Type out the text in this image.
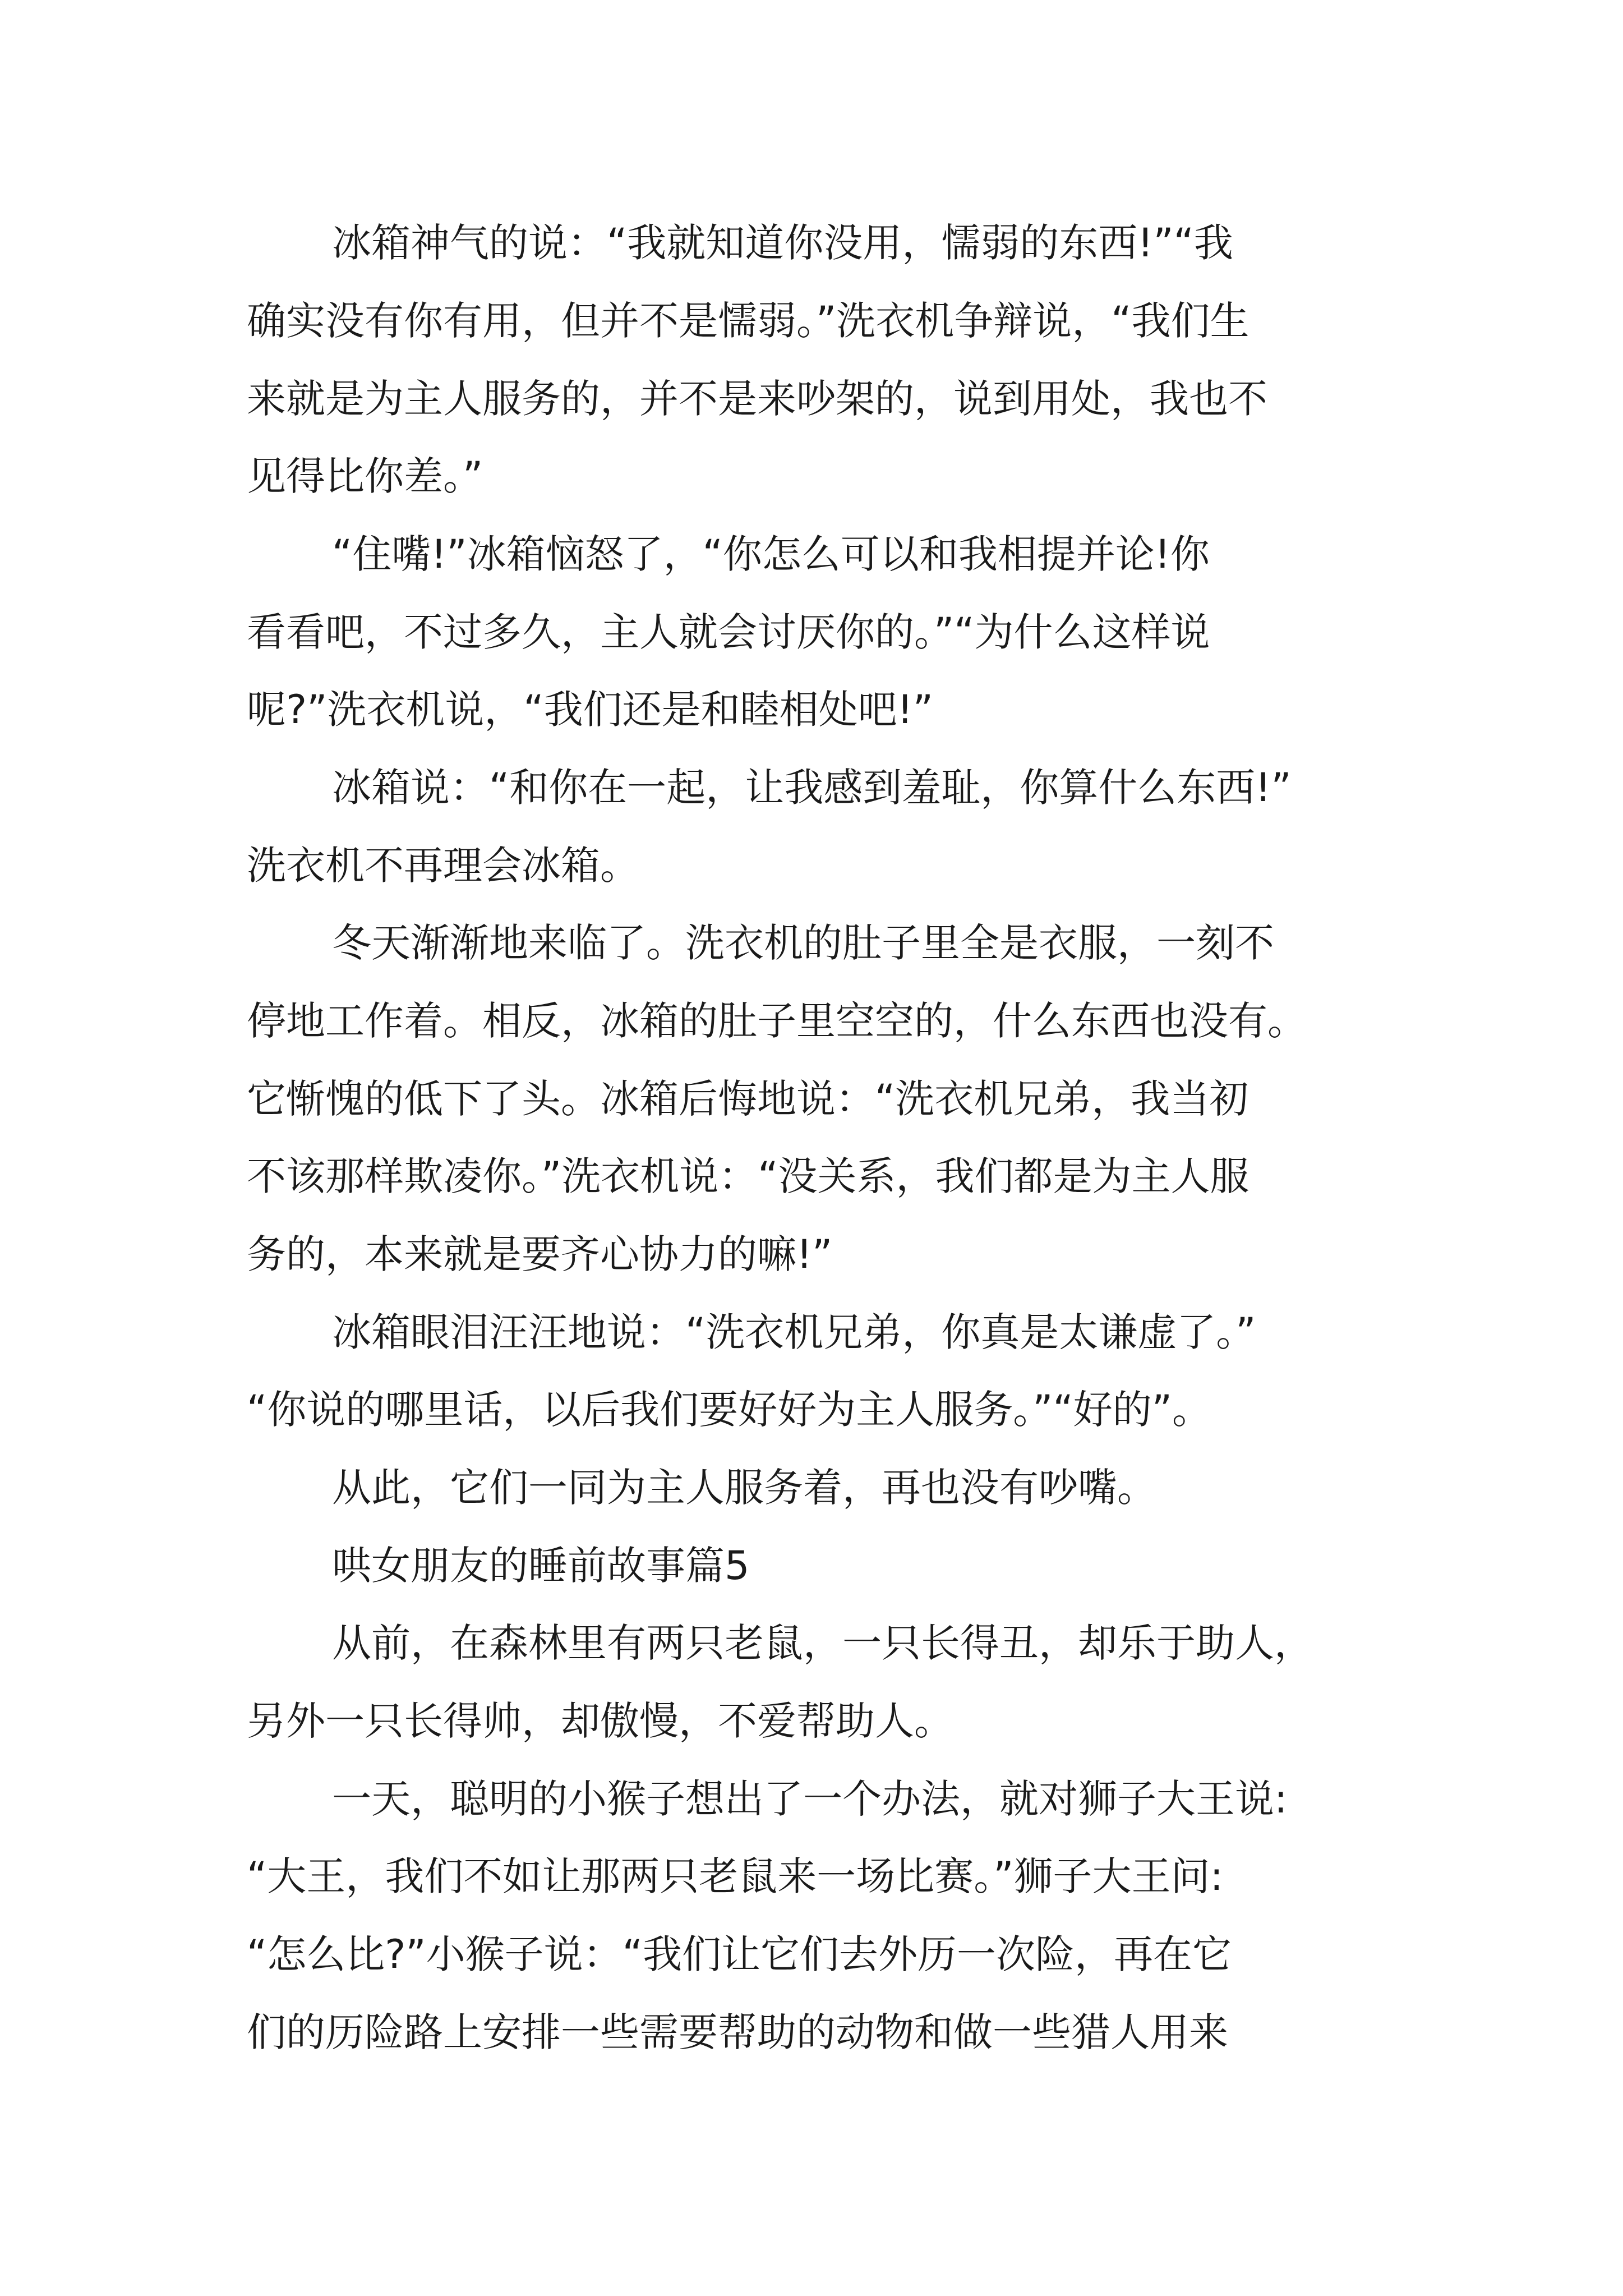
冰箱神气的说：“我就知道你没用，懦弱的东西!”“我
确实没有你有用，但并不是懦弱。”洗衣机争辩说，“我们生
来就是为主人服务的，并不是来吵架的，说到用处，我也不
见得比你差。”
“住嘴!”冰箱恼怒了，“你怎么可以和我相提并论!你
看看吧，不过多久，主人就会讨厌你的。”“为什么这样说
呢?”洗衣机说，“我们还是和睦相处吧!”
冰箱说：“和你在一起，让我感到羞耻，你算什么东西!”
洗衣机不再理会冰箱。
冬天渐渐地来临了。洗衣机的肚子里全是衣服，一刻不
停地工作着。相反，冰箱的肚子里空空的，什么东西也没有。
它惭愧的低下了头。冰箱后悔地说：“洗衣机兄弟，我当初
不该那样欺凌你。”洗衣机说：“没关系，我们都是为主人服
务的，本来就是要齐心协力的嘛!”
冰箱眼泪汪汪地说：“洗衣机兄弟，你真是太谦虚了。”
“你说的哪里话，以后我们要好好为主人服务。”“好的”。
从此，它们一同为主人服务着，再也没有吵嘴。
哄女朋友的睡前故事篇5
从前，在森林里有两只老鼠，一只长得丑，却乐于助人，
另外一只长得帅，却傲慢，不爱帮助人。
一天，聪明的小猴子想出了一个办法，就对狮子大王说:
“大王，我们不如让那两只老鼠来一场比赛。”狮子大王问:
“怎么比?”小猴子说：“我们让它们去外历一次险，再在它
们的历险路上安排一些需要帮助的动物和做一些猎人用来
